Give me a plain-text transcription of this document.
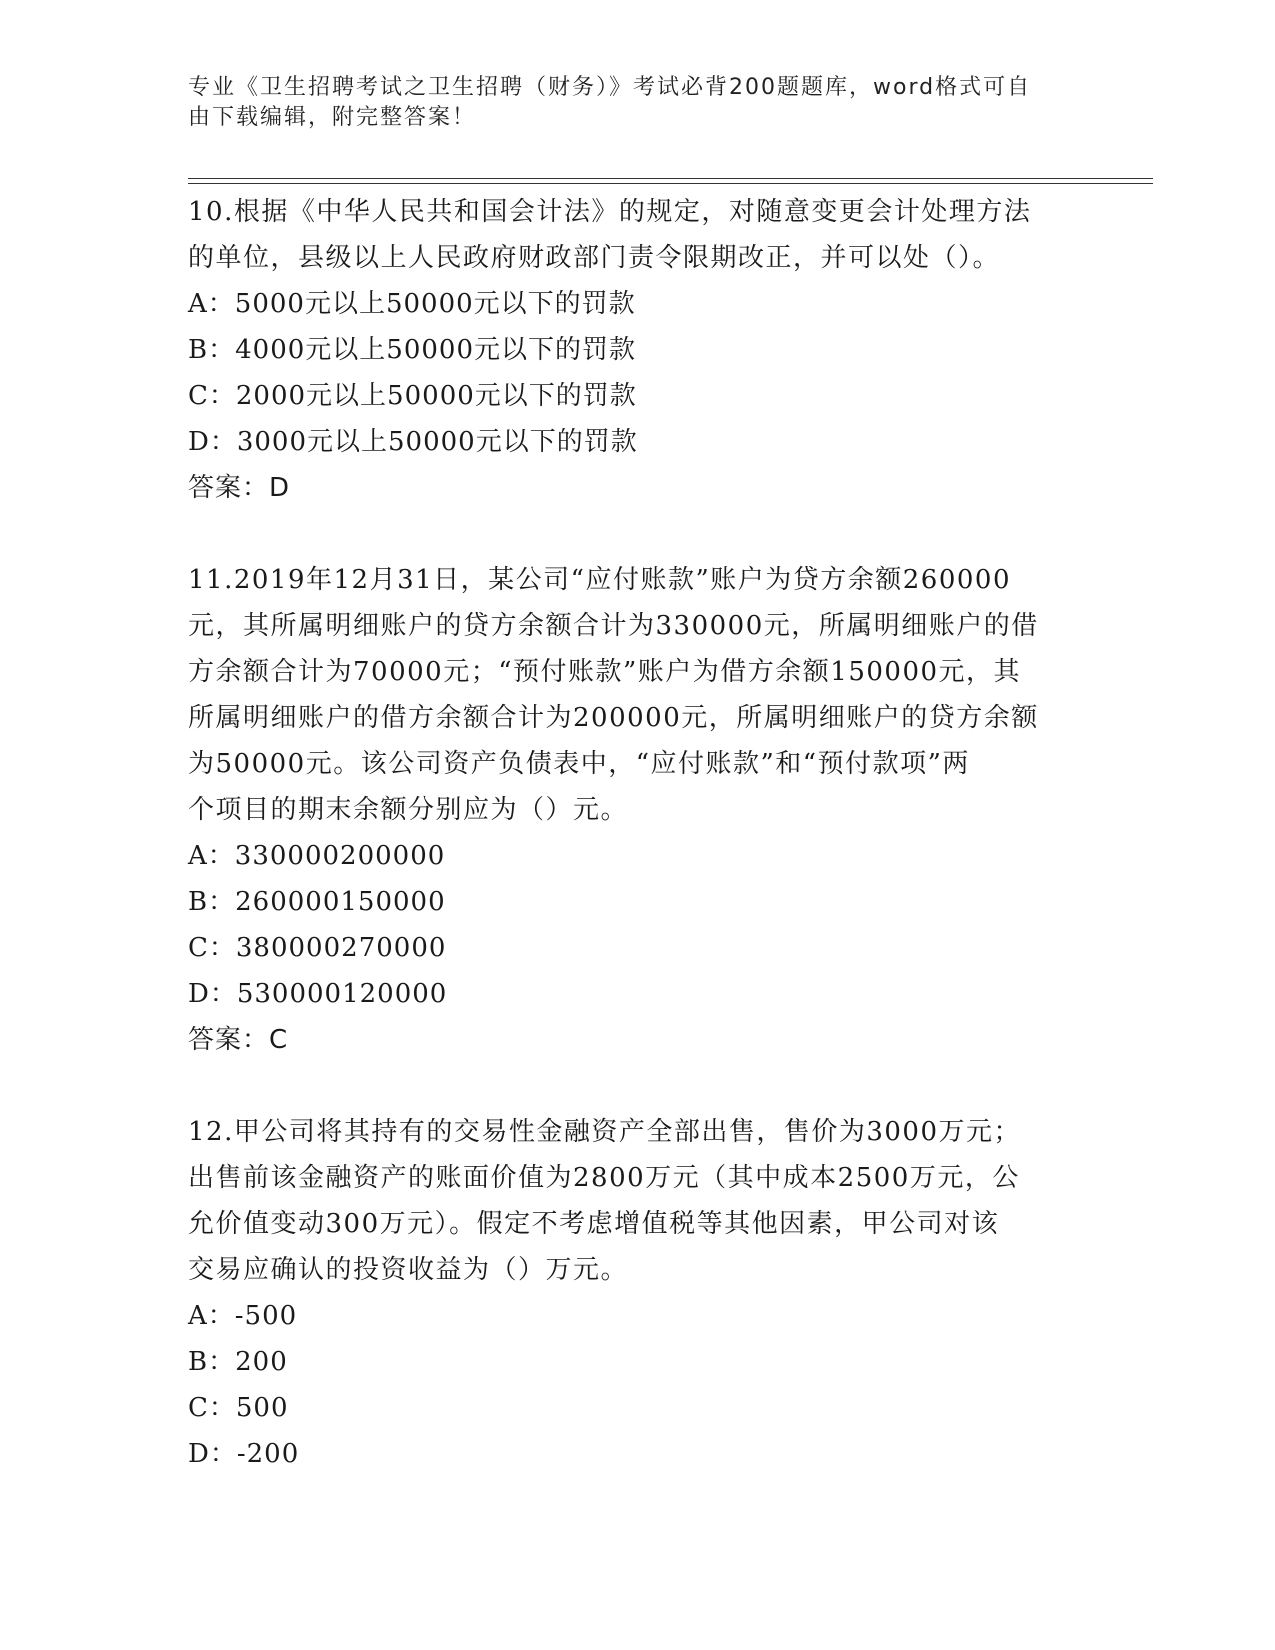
专业《卫生招聘考试之卫生招聘（财务）》考试必背200题题库，word格式可自
由下载编辑，附完整答案！
10.根据《中华人民共和国会计法》的规定，对随意变更会计处理方法
的单位，县级以上人民政府财政部门责令限期改正，并可以处（）。
A：5000元以上50000元以下的罚款
B：4000元以上50000元以下的罚款
C：2000元以上50000元以下的罚款
D：3000元以上50000元以下的罚款
答案：D
11.2019年12月31日，某公司“应付账款”账户为贷方余额260000
元，其所属明细账户的贷方余额合计为330000元，所属明细账户的借
方余额合计为70000元；“预付账款”账户为借方余额150000元，其
所属明细账户的借方余额合计为200000元，所属明细账户的贷方余额
为50000元。该公司资产负债表中，“应付账款”和“预付款项”两
个项目的期末余额分别应为（）元。
A：330000200000
B：260000150000
C：380000270000
D：530000120000
答案：C
12.甲公司将其持有的交易性金融资产全部出售，售价为3000万元；
出售前该金融资产的账面价值为2800万元（其中成本2500万元，公
允价值变动300万元）。假定不考虑增值税等其他因素，甲公司对该
交易应确认的投资收益为（）万元。
A：-500
B：200
C：500
D：-200
